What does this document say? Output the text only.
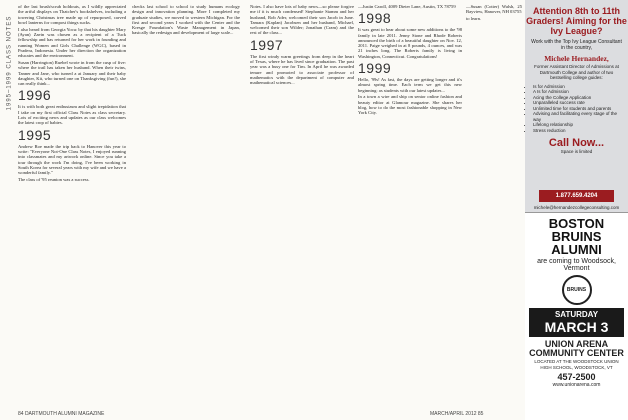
1995–1999 CLASS NOTES

of the last brush/scrub holdouts, as I wildly appreciated the artful displays on Thatcher's bookshelves, including a towering Christmas tree made up of repurposed, carved bowl lanterns for compost things sucks.

I also heard from Georgia Yocu: by that his daughter Mary (Ayan) Zaein was chosen as a recipient of a Tuck fellowship and has returned for her work in founding and running Women and Girls Challenge (WGC), based in Pradera, Indonesia. Under her direction the organization educates and the environment.

Susan (Harrington) Ruebel wrote in from the cusp of five: where the trail has taken her husband. When their twins, Tanner and Jane, who turned a at January and their baby daughter, Kit, who turned one on Thanksgiving (fun!), she can really think...

1996

It is with both great enthusiasm and slight trepidation that I take on my first official Class Notes as class secretary. Lots of exciting news and updates as our class welcomes the latest crop of babies.

1995

Andrew Roe made the trip back to Hanover this year to write: "Everyone Not-One Class Notes, I enjoyed running into classmates and my artwork online. Since you take a tour through the work I'm doing, I've been working in South Korea for several years with my wife and we have a wonderful family."

The class of '95 reunion was a success.

checks last school to school to study humans ecology design and innovation planning. More I completed my graduate studies, we moved to western Michigan. For the first and second years I worked with the Center and the Kresge Foundation's Waste Management in Japan, basically the redesign and development of large scale...

Notes. I also have lots of baby news—so please forgive me if it is much condensed! Stephanie Stamm and her husband, Rob Ader, welcomed their son Jacob in June. Tamara (Kaplan) Jacobsen and her husband, Michael, welcomed their son Wilder; Jonathan (Cram) and the rest of the class...

1997

The first windy warm greetings from deep in the heart of Texas, where he has lived since graduation. The past year was a busy one for Tim. In April he was awarded tenure and promoted to associate professor of mathematics with the department of computer and mathematical sciences...

—Justin Caroll, 4009 Dieter Lane, Austin, TX 78759

1998

It was great to hear about some new additions to the '98 family in late 2011. Jenny Stone and Rhode Roberts announced the birth of a beautiful daughter on Nov. 12, 2011. Paige weighed in at 8 pounds, 4 ounces, and was 21 inches long. The Roberts family is living in Washington, Connecticut. Congratulations!

1999

Hello, '99s! As fast, the days are getting longer and it's almost spring time. Each term we get this new beginning: as students with our latest updates...

In a town a wire and ship on senior online fashion and beauty editor at Glamour magazine. She shares her blog, how to do the most fashionable shopping in New York City.

—Susan (Cotter) Walsh, 25 Bayview, Hanover, NH 03755

to learn.

84 DARTMOUTH ALUMNI MAGAZINE	MARCH/APRIL 2012 85
Attention 8th to 11th Graders! Aiming for the Ivy League?
Work with the Top Ivy League Consultant in the country,
Michele Hernandez,
Former Assistant Director of Admissions at Dartmouth College and author of two bestselling college guides:
• Is for Admission
• A Is for Admission
• Acing the College Application
• Unparalleled success rate
• Unlimited time for students and parents
• Advising and facilitating every stage of the way
• Lifelong relationship
• Stress reduction
Call Now...
Space is limited
1.877.659.4204
michele@hernandezcollegeconsulting.com
BOSTON BRUINS ALUMNI
are coming to Woodsock, Vermont
BRUINS
SATURDAY
MARCH 3
UNION ARENA COMMUNITY CENTER
LOCATED AT THE WOODSTOCK UNION HIGH SCHOOL, WOODSTOCK, VT
457-2500
www.unionarena.com
